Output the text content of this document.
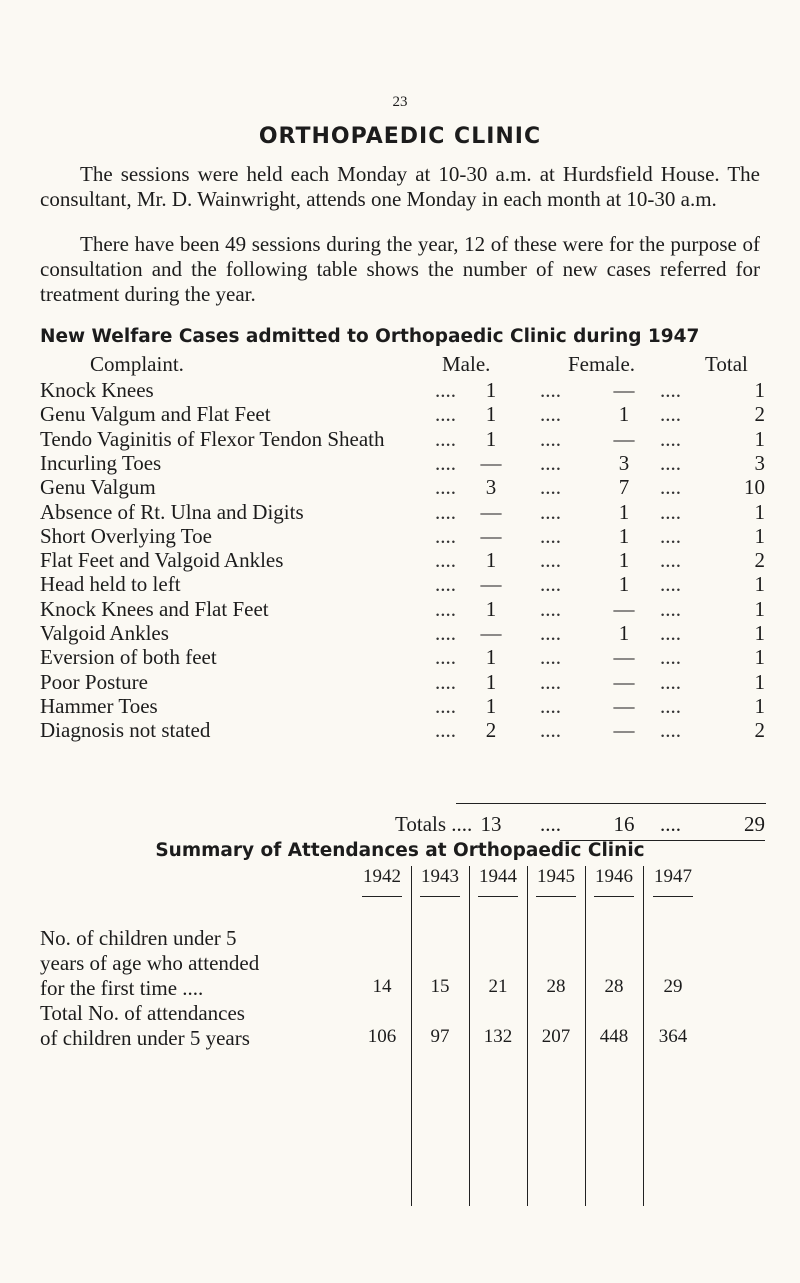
23
ORTHOPAEDIC CLINIC
The sessions were held each Monday at 10-30 a.m. at Hurdsfield House. The consultant, Mr. D. Wainwright, attends one Monday in each month at 10-30 a.m.
There have been 49 sessions during the year, 12 of these were for the purpose of consultation and the following table shows the number of new cases referred for treatment during the year.
New Welfare Cases admitted to Orthopaedic Clinic during 1947
Complaint.	Male.	Female.	Total
Knock Knees	.... 1 ....	— ....	1
Genu Valgum and Flat Feet	.... 1 ....	1 ....	2
Tendo Vaginitis of Flexor Tendon Sheath .... 1 ....	— ....	1
Incurling Toes	.... — ....	3 ....	3
Genu Valgum	.... 3 ....	7 ....	10
Absence of Rt. Ulna and Digits	.... — ....	1 ....	1
Short Overlying Toe	.... — ....	1 ....	1
Flat Feet and Valgoid Ankles	.... 1 ....	1 ....	2
Head held to left	.... — ....	1 ....	1
Knock Knees and Flat Feet	.... 1 ....	— ....	1
Valgoid Ankles	.... — ....	1 ....	1
Eversion of both feet	.... 1 ....	— ....	1
Poor Posture	.... 1 ....	— ....	1
Hammer Toes	.... 1 ....	— ....	1
Diagnosis not stated	.... 2 ....	— ....	2
Totals .... 13 ....	16 ....	29
Summary of Attendances at Orthopaedic Clinic
1942	1943	1944	1945	1946	1947
No. of children under 5
years of age who attended
for the first time ....	14	15	21	28	28	29
Total No. of attendances
of children under 5 years	106	97	132	207	448	364
